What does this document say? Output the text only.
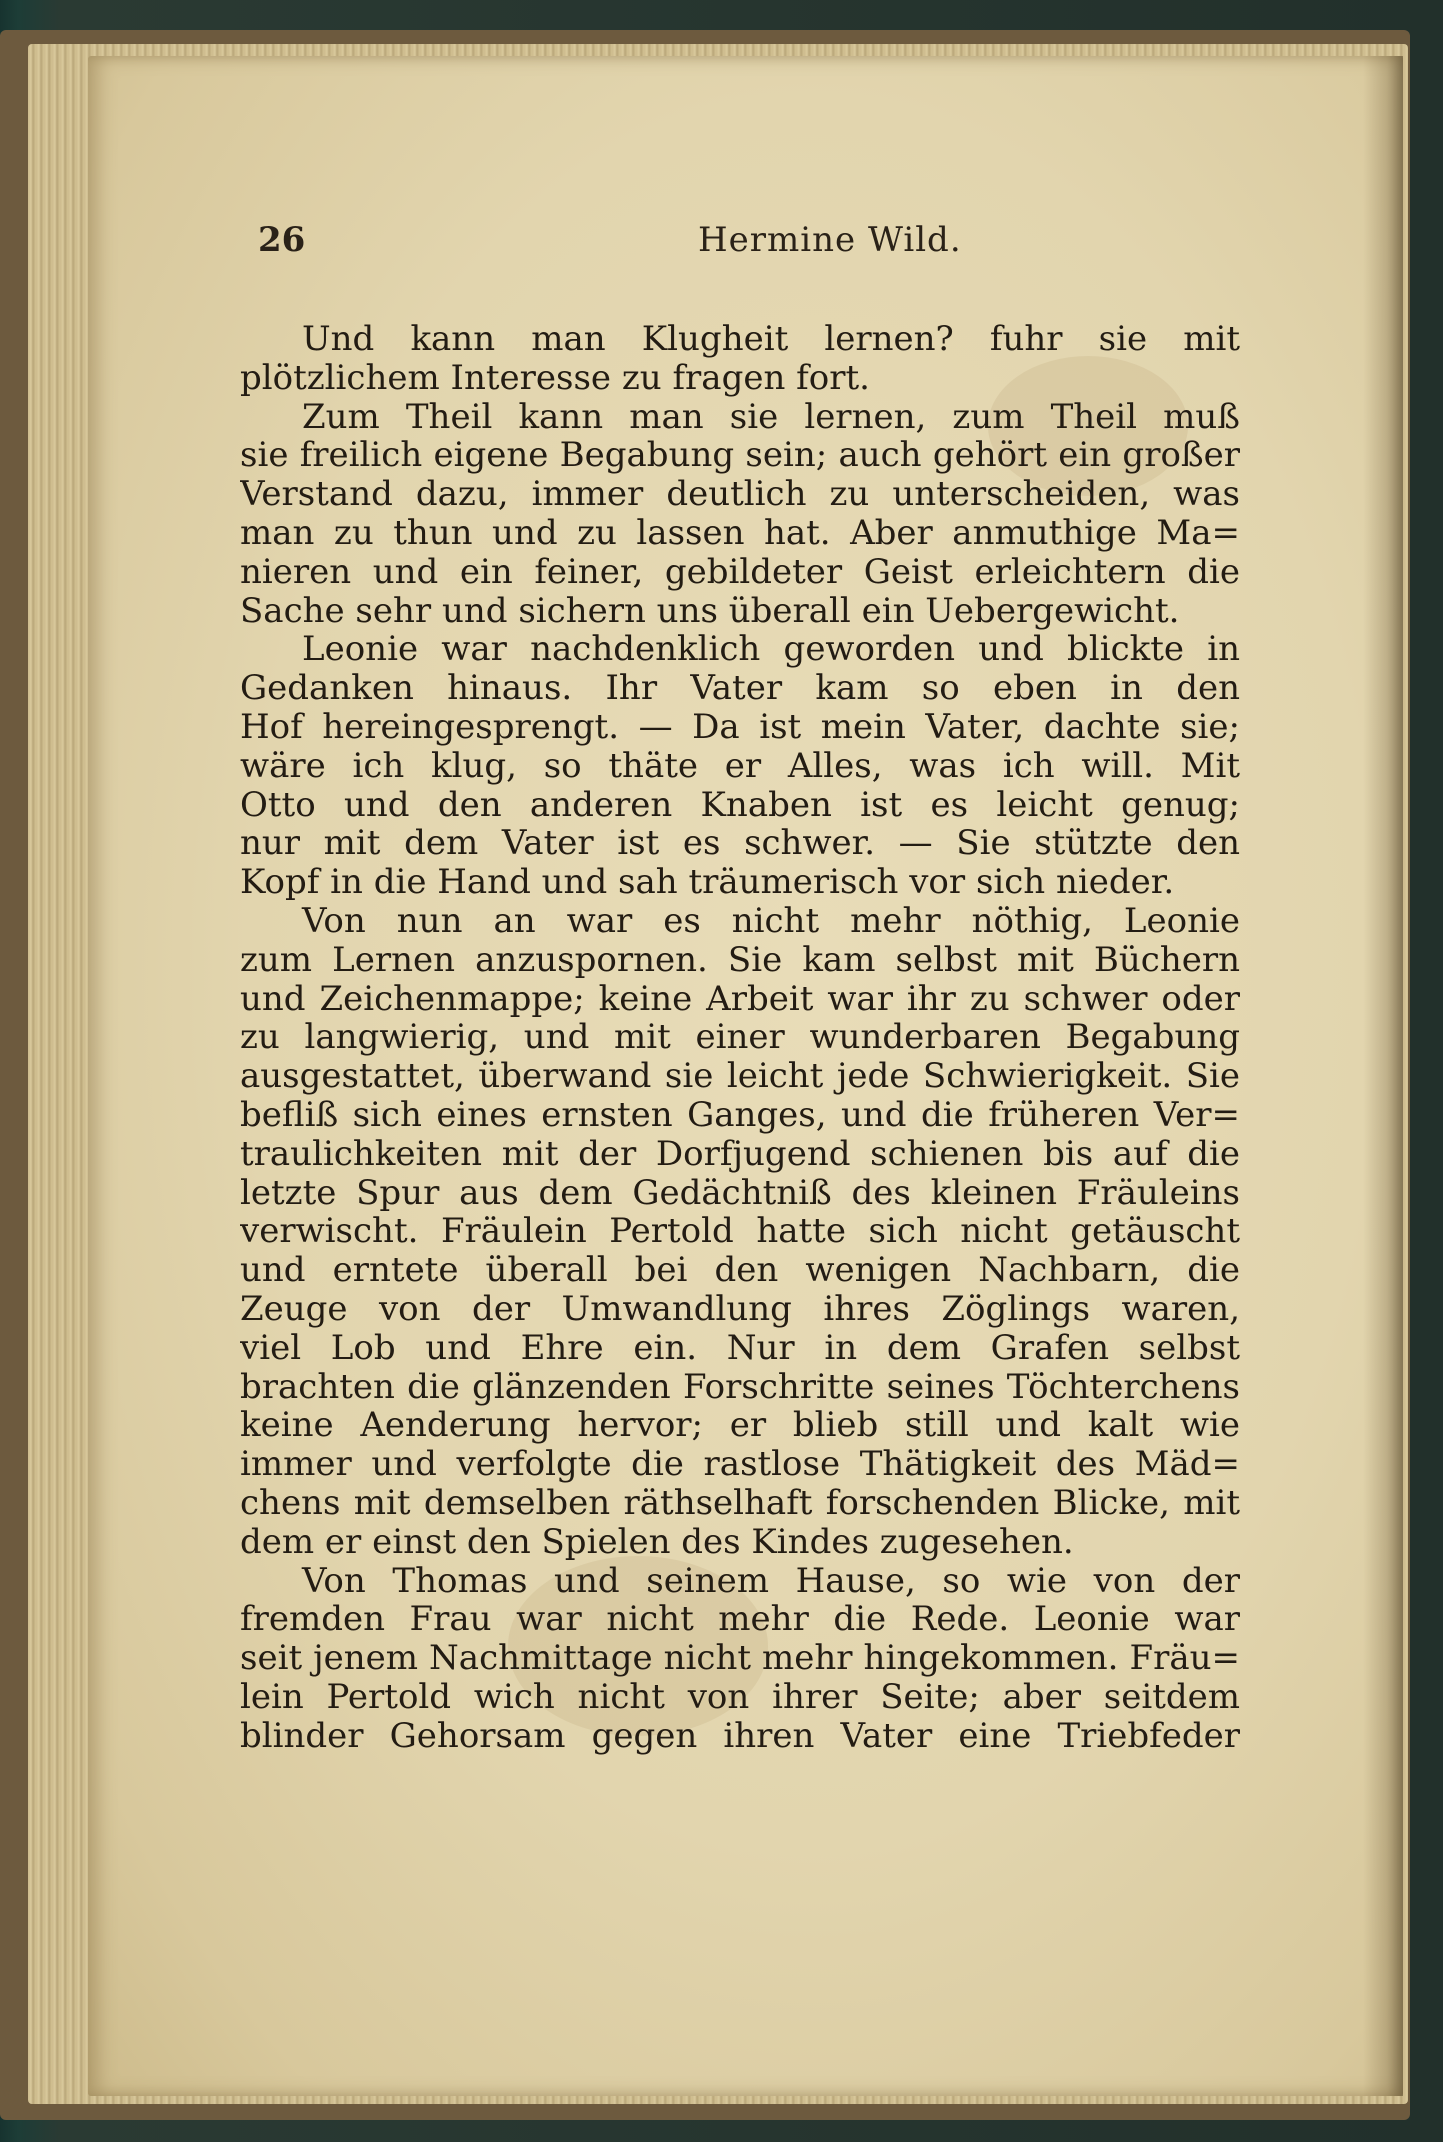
26	Hermine Wild.
Und kann man Klugheit lernen? fuhr sie mit
plötzlichem Interesse zu fragen fort.
Zum Theil kann man sie lernen, zum Theil muß
sie freilich eigene Begabung sein; auch gehört ein großer
Verstand dazu, immer deutlich zu unterscheiden, was
man zu thun und zu lassen hat. Aber anmuthige Ma=
nieren und ein feiner, gebildeter Geist erleichtern die
Sache sehr und sichern uns überall ein Uebergewicht.
Leonie war nachdenklich geworden und blickte in
Gedanken hinaus. Ihr Vater kam so eben in den
Hof hereingesprengt. — Da ist mein Vater, dachte sie;
wäre ich klug, so thäte er Alles, was ich will. Mit
Otto und den anderen Knaben ist es leicht genug;
nur mit dem Vater ist es schwer. — Sie stützte den
Kopf in die Hand und sah träumerisch vor sich nieder.
Von nun an war es nicht mehr nöthig, Leonie
zum Lernen anzuspornen. Sie kam selbst mit Büchern
und Zeichenmappe; keine Arbeit war ihr zu schwer oder
zu langwierig, und mit einer wunderbaren Begabung
ausgestattet, überwand sie leicht jede Schwierigkeit. Sie
befliß sich eines ernsten Ganges, und die früheren Ver=
traulichkeiten mit der Dorfjugend schienen bis auf die
letzte Spur aus dem Gedächtniß des kleinen Fräuleins
verwischt. Fräulein Pertold hatte sich nicht getäuscht
und erntete überall bei den wenigen Nachbarn, die
Zeuge von der Umwandlung ihres Zöglings waren,
viel Lob und Ehre ein. Nur in dem Grafen selbst
brachten die glänzenden Forschritte seines Töchterchens
keine Aenderung hervor; er blieb still und kalt wie
immer und verfolgte die rastlose Thätigkeit des Mäd=
chens mit demselben räthselhaft forschenden Blicke, mit
dem er einst den Spielen des Kindes zugesehen.
Von Thomas und seinem Hause, so wie von der
fremden Frau war nicht mehr die Rede. Leonie war
seit jenem Nachmittage nicht mehr hingekommen. Fräu=
lein Pertold wich nicht von ihrer Seite; aber seitdem
blinder Gehorsam gegen ihren Vater eine Triebfeder
